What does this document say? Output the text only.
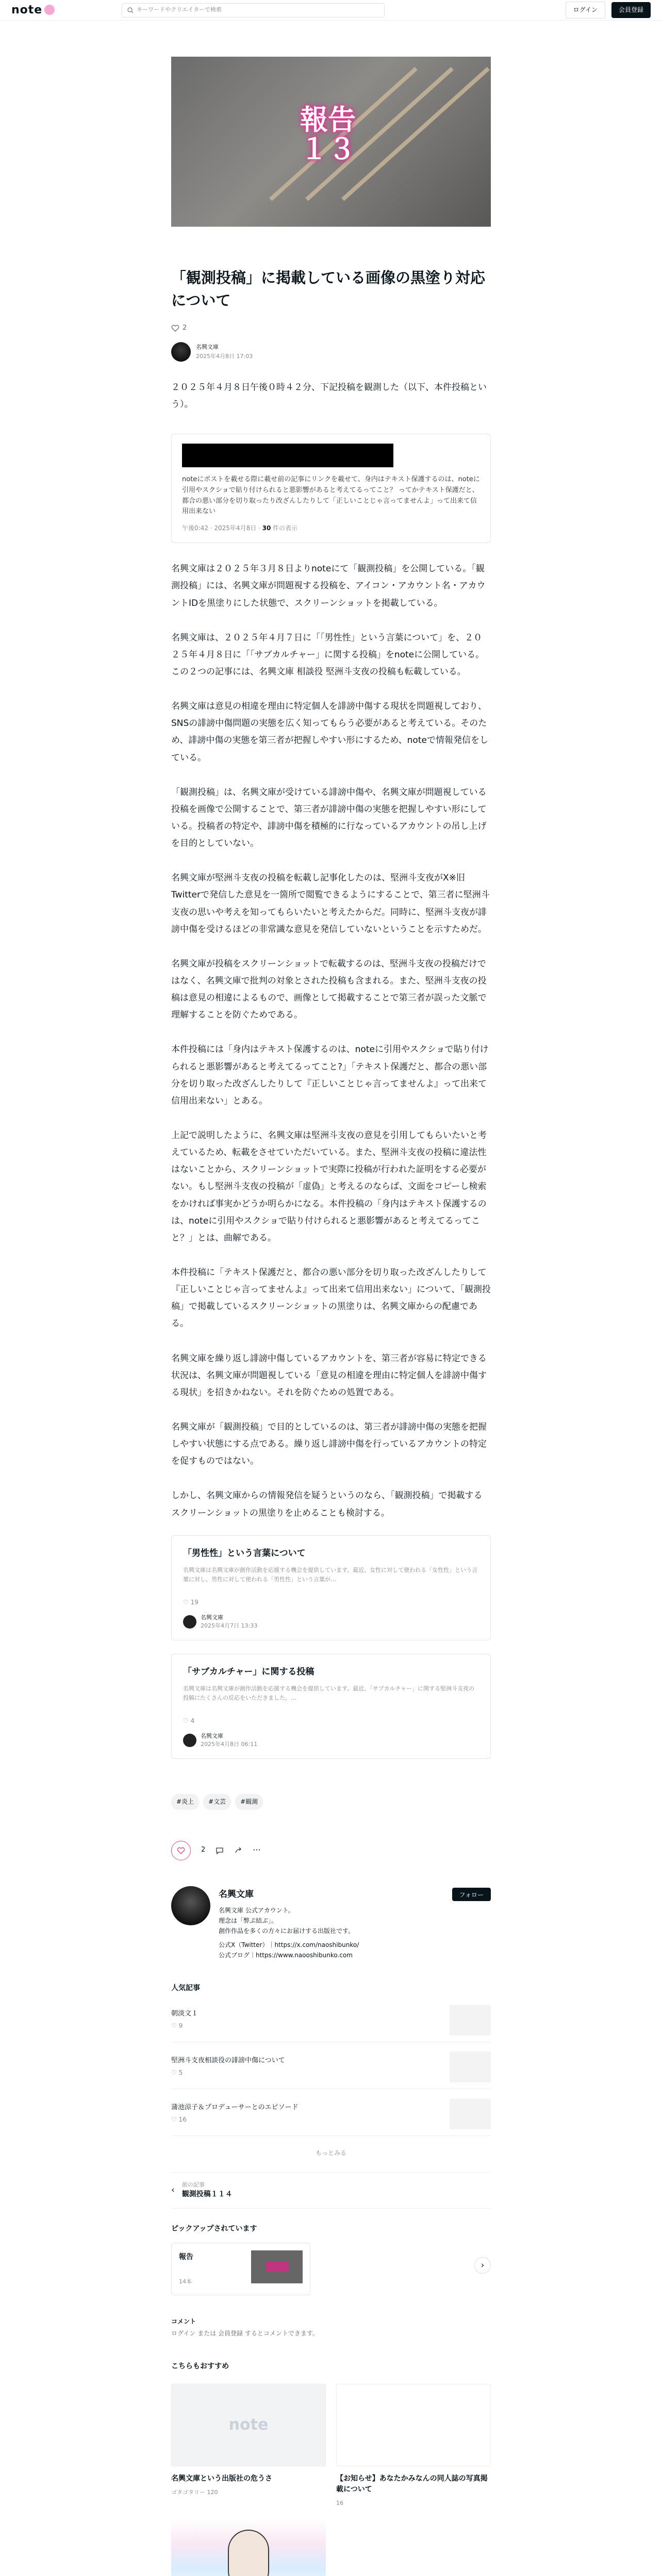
note	キーワードやクリエイターで検索	ログイン	会員登録
報告
１３
「観測投稿」に掲載している画像の黒塗り対応について
2
名興文庫
2025年4月8日 17:03

２０２５年４月８日午後０時４２分、下記投稿を観測した（以下、本件投稿という）。

noteにポストを載せる際に載せ前の記事にリンクを載せて、身内はテキスト保護するのは、noteに引用やスクショで貼り付けられると悪影響があると考えてるってこと？ ってかテキスト保護だと、都合の悪い部分を切り取ったり改ざんしたりして「正しいことじゃ言ってませんよ」って出来て信用出来ない
午後0:42 · 2025年4月8日 · 30 件の表示

名興文庫は２０２５年３月８日よりnoteにて「観測投稿」を公開している。「観測投稿」には、名興文庫が問題視する投稿を、アイコン・アカウント名・アカウントIDを黒塗りにした状態で、スクリーンショットを掲載している。

名興文庫は、２０２５年４月７日に「「男性性」という言葉について」を、２０２５年４月８日に「「サブカルチャー」に関する投稿」をnoteに公開している。この２つの記事には、名興文庫 相談役 堅洲斗支夜の投稿も転載している。

名興文庫は意見の相違を理由に特定個人を誹謗中傷する現状を問題視しており、SNSの誹謗中傷問題の実態を広く知ってもらう必要があると考えている。そのため、誹謗中傷の実態を第三者が把握しやすい形にするため、noteで情報発信をしている。

「観測投稿」は、名興文庫が受けている誹謗中傷や、名興文庫が問題視している投稿を画像で公開することで、第三者が誹謗中傷の実態を把握しやすい形にしている。投稿者の特定や、誹謗中傷を積極的に行なっているアカウントの吊し上げを目的としていない。

名興文庫が堅洲斗支夜の投稿を転載し記事化したのは、堅洲斗支夜がX※旧Twitterで発信した意見を一箇所で閲覧できるようにすることで、第三者に堅洲斗支夜の思いや考えを知ってもらいたいと考えたからだ。同時に、堅洲斗支夜が誹謗中傷を受けるほどの非常識な意見を発信していないということを示すためだ。

名興文庫が投稿をスクリーンショットで転載するのは、堅洲斗支夜の投稿だけではなく、名興文庫で批判の対象とされた投稿も含まれる。また、堅洲斗支夜の投稿は意見の相違によるもので、画像として掲載することで第三者が誤った文脈で理解することを防ぐためである。

本件投稿には「身内はテキスト保護するのは、noteに引用やスクショで貼り付けられると悪影響があると考えてるってこと?」「テキスト保護だと、都合の悪い部分を切り取った改ざんしたりして『正しいことじゃ言ってませんよ』って出来て信用出来ない」とある。

上記で説明したように、名興文庫は堅洲斗支夜の意見を引用してもらいたいと考えているため、転載をさせていただいている。また、堅洲斗支夜の投稿に違法性はないことから、スクリーンショットで実際に投稿が行われた証明をする必要がない。もし堅洲斗支夜の投稿が「虚偽」と考えるのならば、文面をコピーし検索をかければ事実かどうか明らかになる。本件投稿の「身内はテキスト保護するのは、noteに引用やスクショで貼り付けられると悪影響があると考えてるってこと？」とは、曲解である。

本件投稿に「テキスト保護だと、都合の悪い部分を切り取った改ざんしたりして『正しいことじゃ言ってませんよ』って出来て信用出来ない」について、「観測投稿」で掲載しているスクリーンショットの黒塗りは、名興文庫からの配慮である。

名興文庫を繰り返し誹謗中傷しているアカウントを、第三者が容易に特定できる状況は、名興文庫が問題視している「意見の相違を理由に特定個人を誹謗中傷する現状」を招きかねない。それを防ぐための処置である。

名興文庫が「観測投稿」で目的としているのは、第三者が誹謗中傷の実態を把握しやすい状態にする点である。繰り返し誹謗中傷を行っているアカウントの特定を促すものではない。

しかし、名興文庫からの情報発信を疑うというのなら、「観測投稿」で掲載するスクリーンショットの黒塗りを止めることも検討する。

「男性性」という言葉について
名興文庫は名興文庫が創作活動を応援する機会を提供しています。最近、女性に対して使われる「女性性」という言葉に対し、男性に対して使われる「男性性」という言葉が…
♡ 19
名興文庫
2025年4月7日 13:33
「サブカルチャー」に関する投稿
名興文庫は名興文庫が創作活動を応援する機会を提供しています。最近、「サブカルチャー」に関する堅洲斗支夜の投稿にたくさんの反応をいただきました。…
♡ 4
名興文庫
2025年4月8日 06:11
#炎上	#文芸	#観測
2	···
名興文庫	フォロー
名興文庫 公式アカウント。
理念は「弊ぷ結ぶ」。
創作作品を多くの方々にお届けする出版社です。
公式X（Twitter）｜https://x.com/naoshibunko/
公式ブログ｜https://www.naooshibunko.com
人気記事
朝淡文１
♡ 9
堅洲斗支夜相談役の誹謗中傷について
♡ 5
蒲池涼子＆プロデューサーとのエピソード
♡ 16
もっとみる
‹
前の記事
観測投稿１１４
ピックアップされています
報告
14本
›
コメント
ログイン または 会員登録 するとコメントできます。
こちらもおすすめ
note
名興文庫という出版社の危うさ
ゴタゴタリー 120
【お知らせ】あなたかみなんの同人誌の写真掲載について
16
